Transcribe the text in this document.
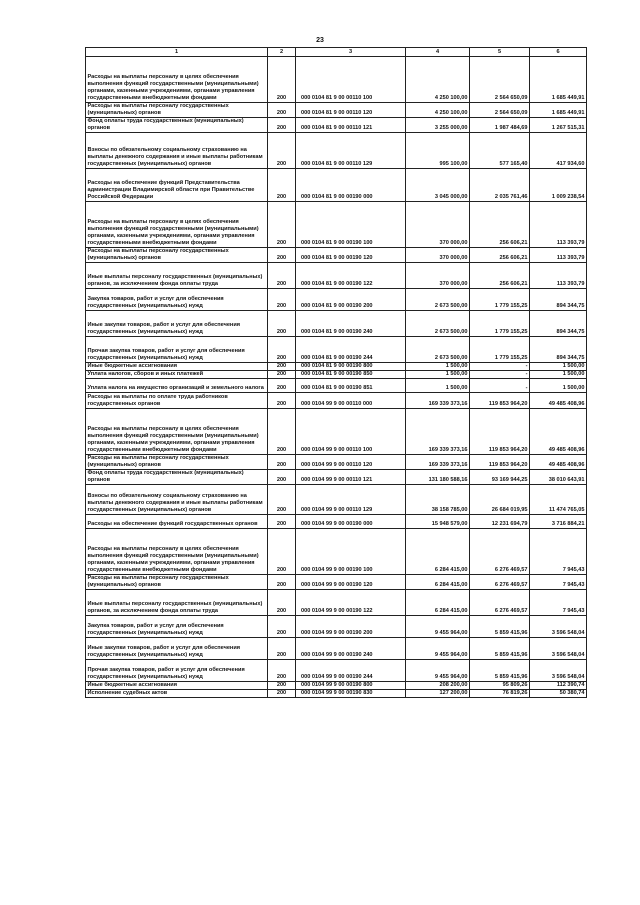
23
1	2	3	4	5	6
Расходы на выплаты персоналу в целях обеспечения выполнения функций государственными (муниципальными) органами, казенными учреждениями, органами управления государственными внебюджетными фондами	200	000 0104 81 9 00 00110 100	4 250 100,00	2 564 650,09	1 685 449,91
Расходы на выплаты персоналу государственных (муниципальных) органов	200	000 0104 81 9 00 00110 120	4 250 100,00	2 564 650,09	1 685 449,91
Фонд оплаты труда государственных (муниципальных) органов	200	000 0104 81 9 00 00110 121	3 255 000,00	1 987 484,69	1 267 515,31
Взносы по обязательному социальному страхованию на выплаты денежного содержания и иные выплаты работникам государственных (муниципальных) органов	200	000 0104 81 9 00 00110 129	995 100,00	577 165,40	417 934,60
Расходы на обеспечение функций Представительства администрации Владимирской области при Правительстве Российской Федерации	200	000 0104 81 9 00 00190 000	3 045 000,00	2 035 761,46	1 009 238,54
Расходы на выплаты персоналу в целях обеспечения выполнения функций государственными (муниципальными) органами, казенными учреждениями, органами управления государственными внебюджетными фондами	200	000 0104 81 9 00 00190 100	370 000,00	256 606,21	113 393,79
Расходы на выплаты персоналу государственных (муниципальных) органов	200	000 0104 81 9 00 00190 120	370 000,00	256 606,21	113 393,79
Иные выплаты персоналу государственных (муниципальных) органов, за исключением фонда оплаты труда	200	000 0104 81 9 00 00190 122	370 000,00	256 606,21	113 393,79
Закупка товаров, работ и услуг для обеспечения государственных (муниципальных) нужд	200	000 0104 81 9 00 00190 200	2 673 500,00	1 779 155,25	894 344,75
Иные закупки товаров, работ и услуг для обеспечения государственных (муниципальных) нужд	200	000 0104 81 9 00 00190 240	2 673 500,00	1 779 155,25	894 344,75
Прочая закупка товаров, работ и услуг для обеспечения государственных (муниципальных) нужд	200	000 0104 81 9 00 00190 244	2 673 500,00	1 779 155,25	894 344,75
Иные бюджетные ассигнования	200	000 0104 81 9 00 00190 800	1 500,00	-	1 500,00
Уплата налогов, сборов и иных платежей	200	000 0104 81 9 00 00190 850	1 500,00	-	1 500,00
Уплата налога на имущество организаций и земельного налога	200	000 0104 81 9 00 00190 851	1 500,00	-	1 500,00
Расходы на выплаты по оплате труда работников государственных органов	200	000 0104 99 9 00 00110 000	169 339 373,16	119 853 964,20	49 485 408,96
Расходы на выплаты персоналу в целях обеспечения выполнения функций государственными (муниципальными) органами, казенными учреждениями, органами управления государственными внебюджетными фондами	200	000 0104 99 9 00 00110 100	169 339 373,16	119 853 964,20	49 485 408,96
Расходы на выплаты персоналу государственных (муниципальных) органов	200	000 0104 99 9 00 00110 120	169 339 373,16	119 853 964,20	49 485 408,96
Фонд оплаты труда государственных (муниципальных) органов	200	000 0104 99 9 00 00110 121	131 180 588,16	93 169 944,25	38 010 643,91
Взносы по обязательному социальному страхованию на выплаты денежного содержания и иные выплаты работникам государственных (муниципальных) органов	200	000 0104 99 9 00 00110 129	38 158 785,00	26 684 019,95	11 474 765,05
Расходы на обеспечение функций государственных органов	200	000 0104 99 9 00 00190 000	15 948 579,00	12 231 694,79	3 716 884,21
Расходы на выплаты персоналу в целях обеспечения выполнения функций государственными (муниципальными) органами, казенными учреждениями, органами управления государственными внебюджетными фондами	200	000 0104 99 9 00 00190 100	6 284 415,00	6 276 469,57	7 945,43
Расходы на выплаты персоналу государственных (муниципальных) органов	200	000 0104 99 9 00 00190 120	6 284 415,00	6 276 469,57	7 945,43
Иные выплаты персоналу государственных (муниципальных) органов, за исключением фонда оплаты труда	200	000 0104 99 9 00 00190 122	6 284 415,00	6 276 469,57	7 945,43
Закупка товаров, работ и услуг для обеспечения государственных (муниципальных) нужд	200	000 0104 99 9 00 00190 200	9 455 964,00	5 859 415,96	3 596 548,04
Иные закупки товаров, работ и услуг для обеспечения государственных (муниципальных) нужд	200	000 0104 99 9 00 00190 240	9 455 964,00	5 859 415,96	3 596 548,04
Прочая закупка товаров, работ и услуг для обеспечения государственных (муниципальных) нужд	200	000 0104 99 9 00 00190 244	9 455 964,00	5 859 415,96	3 596 548,04
Иные бюджетные ассигнования	200	000 0104 99 9 00 00190 800	208 200,00	95 809,26	112 390,74
Исполнение судебных актов	200	000 0104 99 9 00 00190 830	127 200,00	76 819,26	50 380,74
